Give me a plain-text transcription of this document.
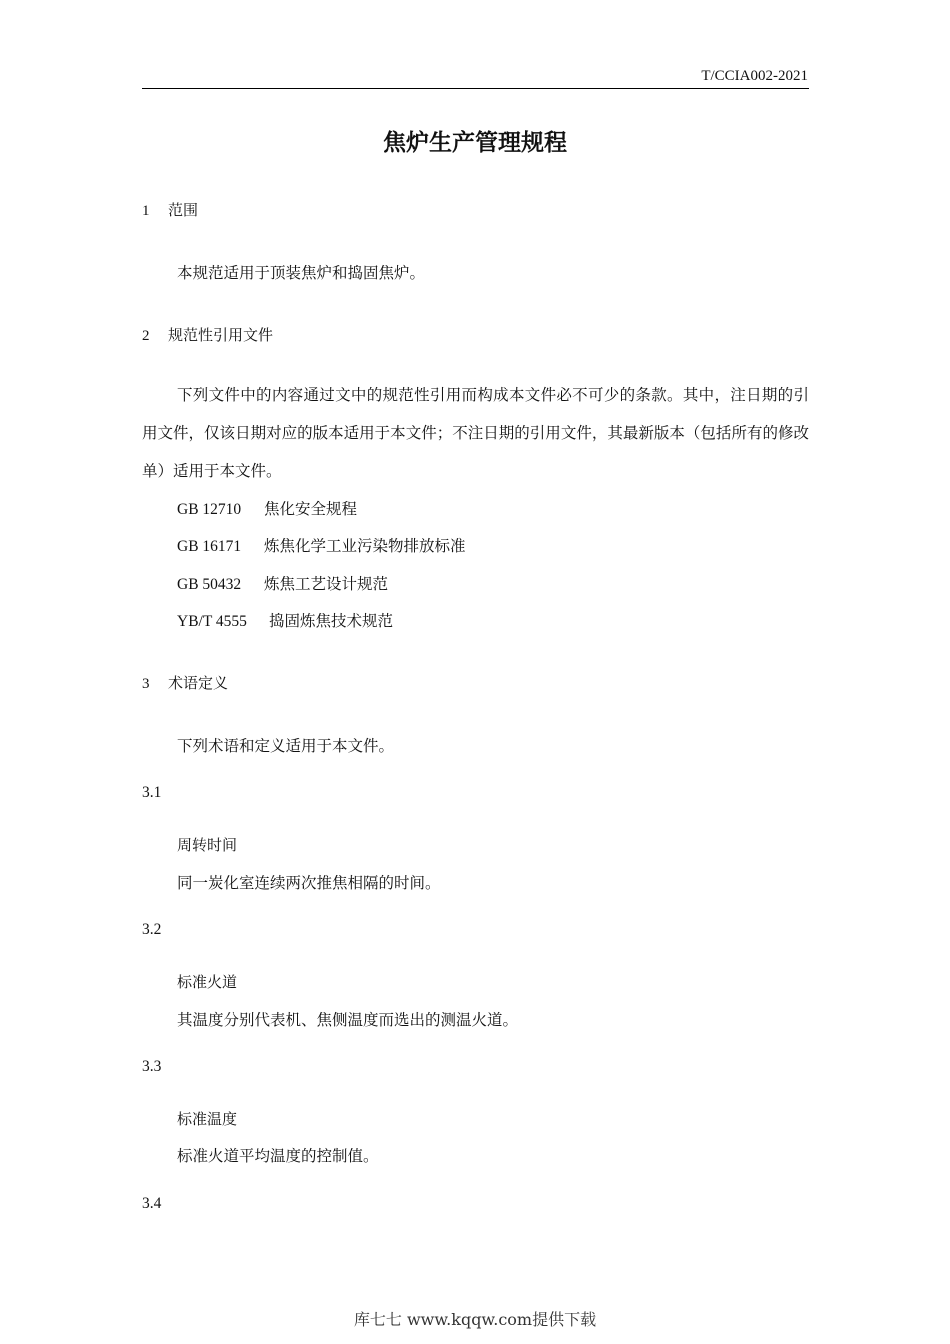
T/CCIA002-2021
焦炉生产管理规程
1 范围
本规范适用于顶装焦炉和捣固焦炉。
2 规范性引用文件

下列文件中的内容通过文中的规范性引用而构成本文件必不可少的条款。其中，注日期的引用文件，仅该日期对应的版本适用于本文件；不注日期的引用文件，其最新版本（包括所有的修改单）适用于本文件。

GB 12710 焦化安全规程
GB 16171 炼焦化学工业污染物排放标准
GB 50432 炼焦工艺设计规范
YB/T 4555 捣固炼焦技术规范
3 术语定义
下列术语和定义适用于本文件。
3.1
周转时间
同一炭化室连续两次推焦相隔的时间。
3.2
标准火道
其温度分别代表机、焦侧温度而选出的测温火道。
3.3
标准温度
标准火道平均温度的控制值。
3.4
库七七 www.kqqw.com提供下载
